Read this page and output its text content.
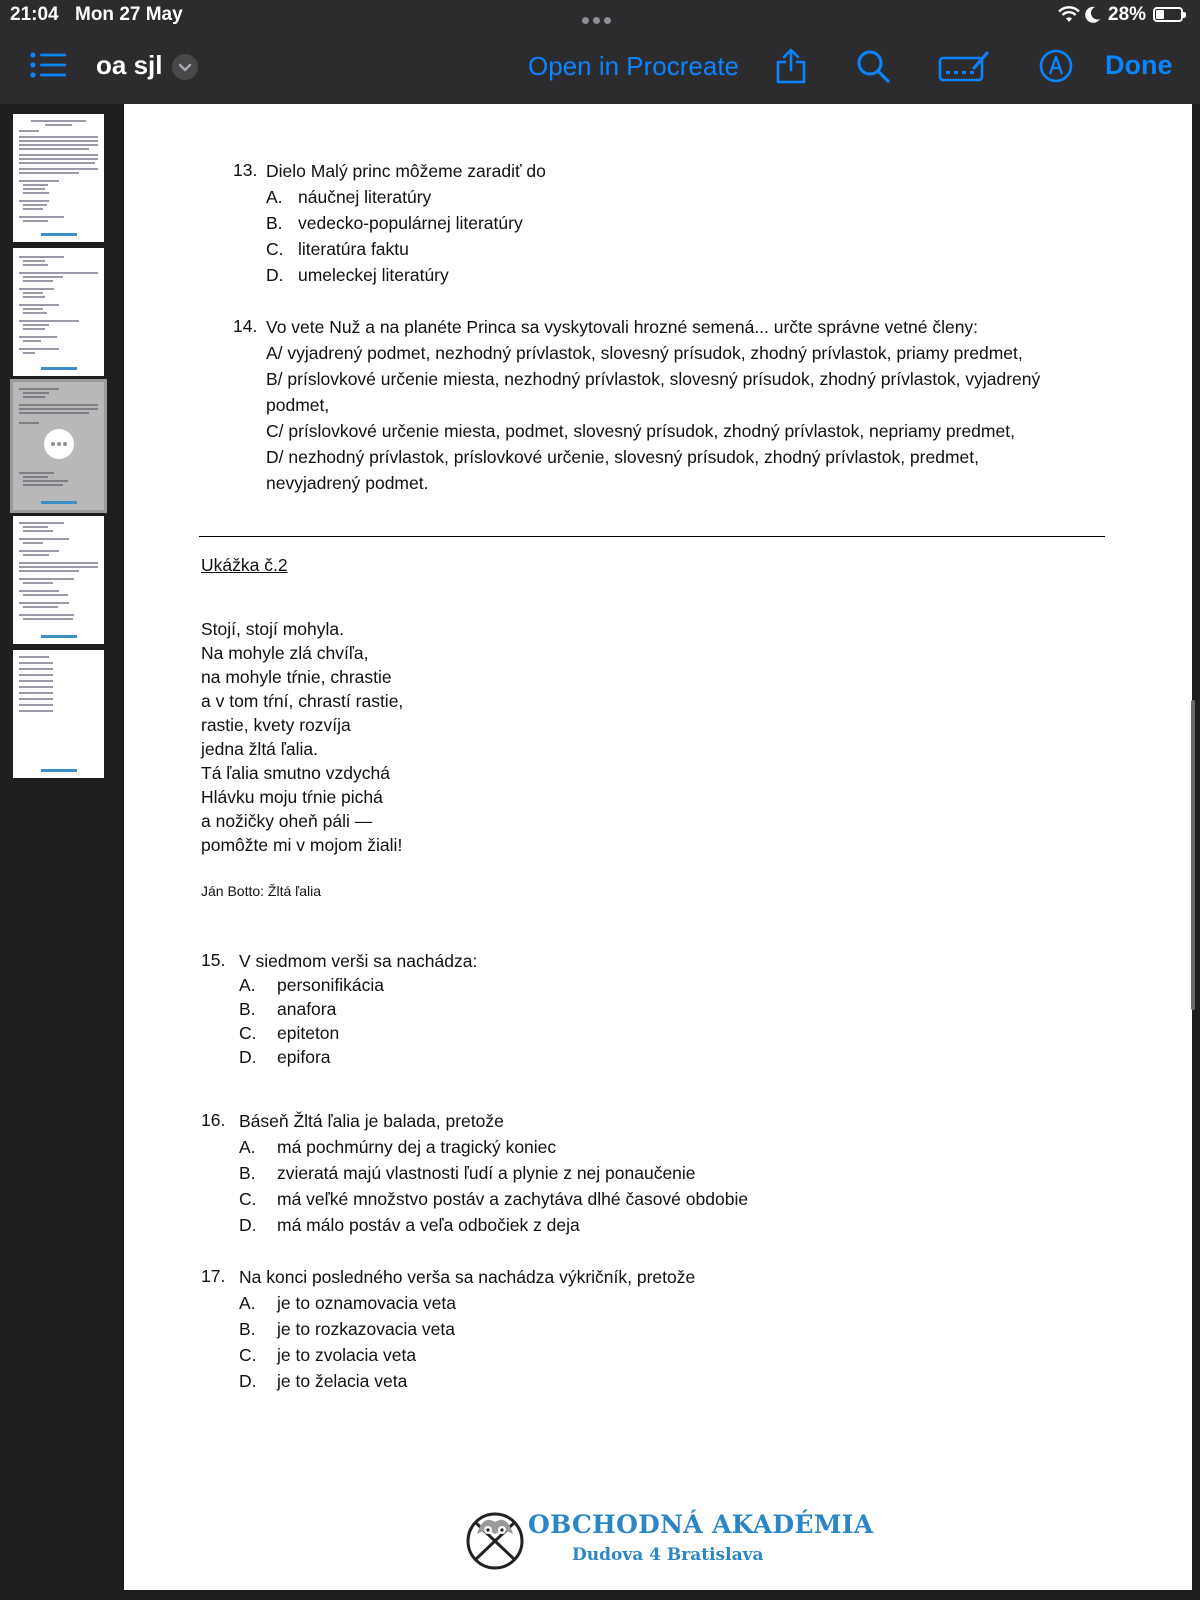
21:04 Mon 27 May	28%
oa sjl	Open in Procreate	Done
13. Dielo Malý princ môžeme zaradiť do
A. náučnej literatúry
B. vedecko-populárnej literatúry
C. literatúra faktu
D. umeleckej literatúry
14. Vo vete Nuž a na planéte Princa sa vyskytovali hrozné semená... určte správne vetné členy:
A/ vyjadrený podmet, nezhodný prívlastok, slovesný prísudok, zhodný prívlastok, priamy predmet,
B/ príslovkové určenie miesta, nezhodný prívlastok, slovesný prísudok, zhodný prívlastok, vyjadrený
podmet,
C/ príslovkové určenie miesta, podmet, slovesný prísudok, zhodný prívlastok, nepriamy predmet,
D/ nezhodný prívlastok, príslovkové určenie, slovesný prísudok, zhodný prívlastok, predmet,
nevyjadrený podmet.
Ukážka č.2
Stojí, stojí mohyla.
Na mohyle zlá chvíľa,
na mohyle tŕnie, chrastie
a v tom tŕní, chrastí rastie,
rastie, kvety rozvíja
jedna žltá ľalia.
Tá ľalia smutno vzdychá
Hlávku moju tŕnie pichá
a nožičky oheň páli —
pomôžte mi v mojom žiali!
Ján Botto: Žltá ľalia
15. V siedmom verši sa nachádza:
A. personifikácia
B. anafora
C. epiteton
D. epifora
16. Báseň Žltá ľalia je balada, pretože
A. má pochmúrny dej a tragický koniec
B. zvieratá majú vlastnosti ľudí a plynie z nej ponaučenie
C. má veľké množstvo postáv a zachytáva dlhé časové obdobie
D. má málo postáv a veľa odbočiek z deja
17. Na konci posledného verša sa nachádza výkričník, pretože
A. je to oznamovacia veta
B. je to rozkazovacia veta
C. je to zvolacia veta
D. je to želacia veta
OBCHODNÁ AKADÉMIA
Dudova 4 Bratislava
